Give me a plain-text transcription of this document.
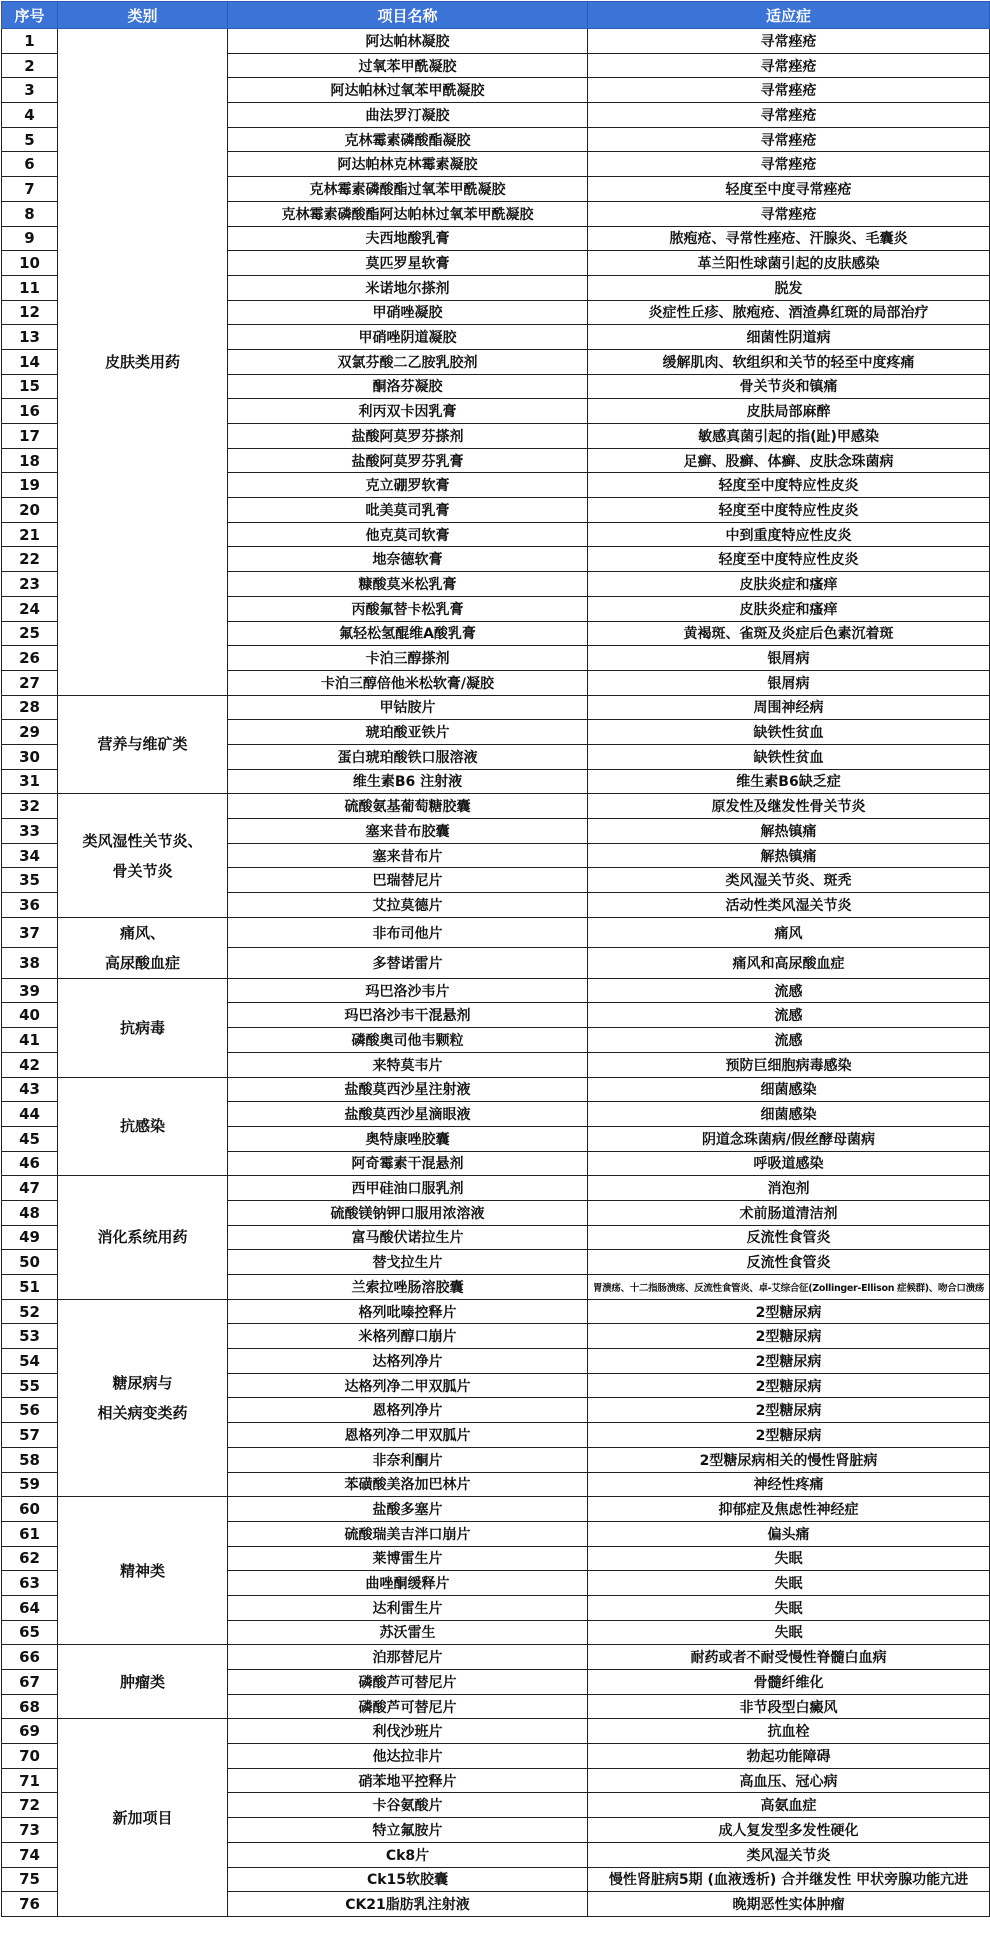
序号	类别	项目名称	适应症
1	皮肤类用药	阿达帕林凝胶	寻常痤疮
2		过氧苯甲酰凝胶	寻常痤疮
3		阿达帕林过氧苯甲酰凝胶	寻常痤疮
4		曲法罗汀凝胶	寻常痤疮
5		克林霉素磷酸酯凝胶	寻常痤疮
6		阿达帕林克林霉素凝胶	寻常痤疮
7		克林霉素磷酸酯过氧苯甲酰凝胶	轻度至中度寻常痤疮
8		克林霉素磷酸酯阿达帕林过氧苯甲酰凝胶	寻常痤疮
9		夫西地酸乳膏	脓疱疮、寻常性痤疮、汗腺炎、毛囊炎
10		莫匹罗星软膏	革兰阳性球菌引起的皮肤感染
11		米诺地尔搽剂	脱发
12		甲硝唑凝胶	炎症性丘疹、脓疱疮、酒渣鼻红斑的局部治疗
13		甲硝唑阴道凝胶	细菌性阴道病
14		双氯芬酸二乙胺乳胶剂	缓解肌肉、软组织和关节的轻至中度疼痛
15		酮洛芬凝胶	骨关节炎和镇痛
16		利丙双卡因乳膏	皮肤局部麻醉
17		盐酸阿莫罗芬搽剂	敏感真菌引起的指(趾)甲感染
18		盐酸阿莫罗芬乳膏	足癣、股癣、体癣、皮肤念珠菌病
19		克立硼罗软膏	轻度至中度特应性皮炎
20		吡美莫司乳膏	轻度至中度特应性皮炎
21		他克莫司软膏	中到重度特应性皮炎
22		地奈德软膏	轻度至中度特应性皮炎
23		糠酸莫米松乳膏	皮肤炎症和瘙痒
24		丙酸氟替卡松乳膏	皮肤炎症和瘙痒
25		氟轻松氢醌维A酸乳膏	黄褐斑、雀斑及炎症后色素沉着斑
26		卡泊三醇搽剂	银屑病
27		卡泊三醇倍他米松软膏/凝胶	银屑病
28	营养与维矿类	甲钴胺片	周围神经病
29		琥珀酸亚铁片	缺铁性贫血
30		蛋白琥珀酸铁口服溶液	缺铁性贫血
31		维生素B6 注射液	维生素B6缺乏症
32	类风湿性关节炎、
骨关节炎	硫酸氨基葡萄糖胶囊	原发性及继发性骨关节炎
33		塞来昔布胶囊	解热镇痛
34		塞来昔布片	解热镇痛
35		巴瑞替尼片	类风湿关节炎、斑秃
36		艾拉莫德片	活动性类风湿关节炎
37	痛风、
高尿酸血症	非布司他片	痛风
38		多替诺雷片	痛风和高尿酸血症
39	抗病毒	玛巴洛沙韦片	流感
40		玛巴洛沙韦干混悬剂	流感
41		磷酸奥司他韦颗粒	流感
42		来特莫韦片	预防巨细胞病毒感染
43	抗感染	盐酸莫西沙星注射液	细菌感染
44		盐酸莫西沙星滴眼液	细菌感染
45		奥特康唑胶囊	阴道念珠菌病/假丝酵母菌病
46		阿奇霉素干混悬剂	呼吸道感染
47	消化系统用药	西甲硅油口服乳剂	消泡剂
48		硫酸镁钠钾口服用浓溶液	术前肠道清洁剂
49		富马酸伏诺拉生片	反流性食管炎
50		替戈拉生片	反流性食管炎
51		兰索拉唑肠溶胶囊	胃溃疡、十二指肠溃疡、反流性食管炎、卓-艾综合征(Zollinger-Ellison 症候群)、吻合口溃疡
52	糖尿病与
相关病变类药	格列吡嗪控释片	2型糖尿病
53		米格列醇口崩片	2型糖尿病
54		达格列净片	2型糖尿病
55		达格列净二甲双胍片	2型糖尿病
56		恩格列净片	2型糖尿病
57		恩格列净二甲双胍片	2型糖尿病
58		非奈利酮片	2型糖尿病相关的慢性肾脏病
59		苯磺酸美洛加巴林片	神经性疼痛
60	精神类	盐酸多塞片	抑郁症及焦虑性神经症
61		硫酸瑞美吉泮口崩片	偏头痛
62		莱博雷生片	失眠
63		曲唑酮缓释片	失眠
64		达利雷生片	失眠
65		苏沃雷生	失眠
66	肿瘤类	泊那替尼片	耐药或者不耐受慢性脊髓白血病
67		磷酸芦可替尼片	骨髓纤维化
68		磷酸芦可替尼片	非节段型白癜风
69	新加项目	利伐沙班片	抗血栓
70		他达拉非片	勃起功能障碍
71		硝苯地平控释片	高血压、冠心病
72		卡谷氨酸片	高氨血症
73		特立氟胺片	成人复发型多发性硬化
74		Ck8片	类风湿关节炎
75		Ck15软胶囊	慢性肾脏病5期 (血液透析) 合并继发性 甲状旁腺功能亢进
76		CK21脂肪乳注射液	晚期恶性实体肿瘤
